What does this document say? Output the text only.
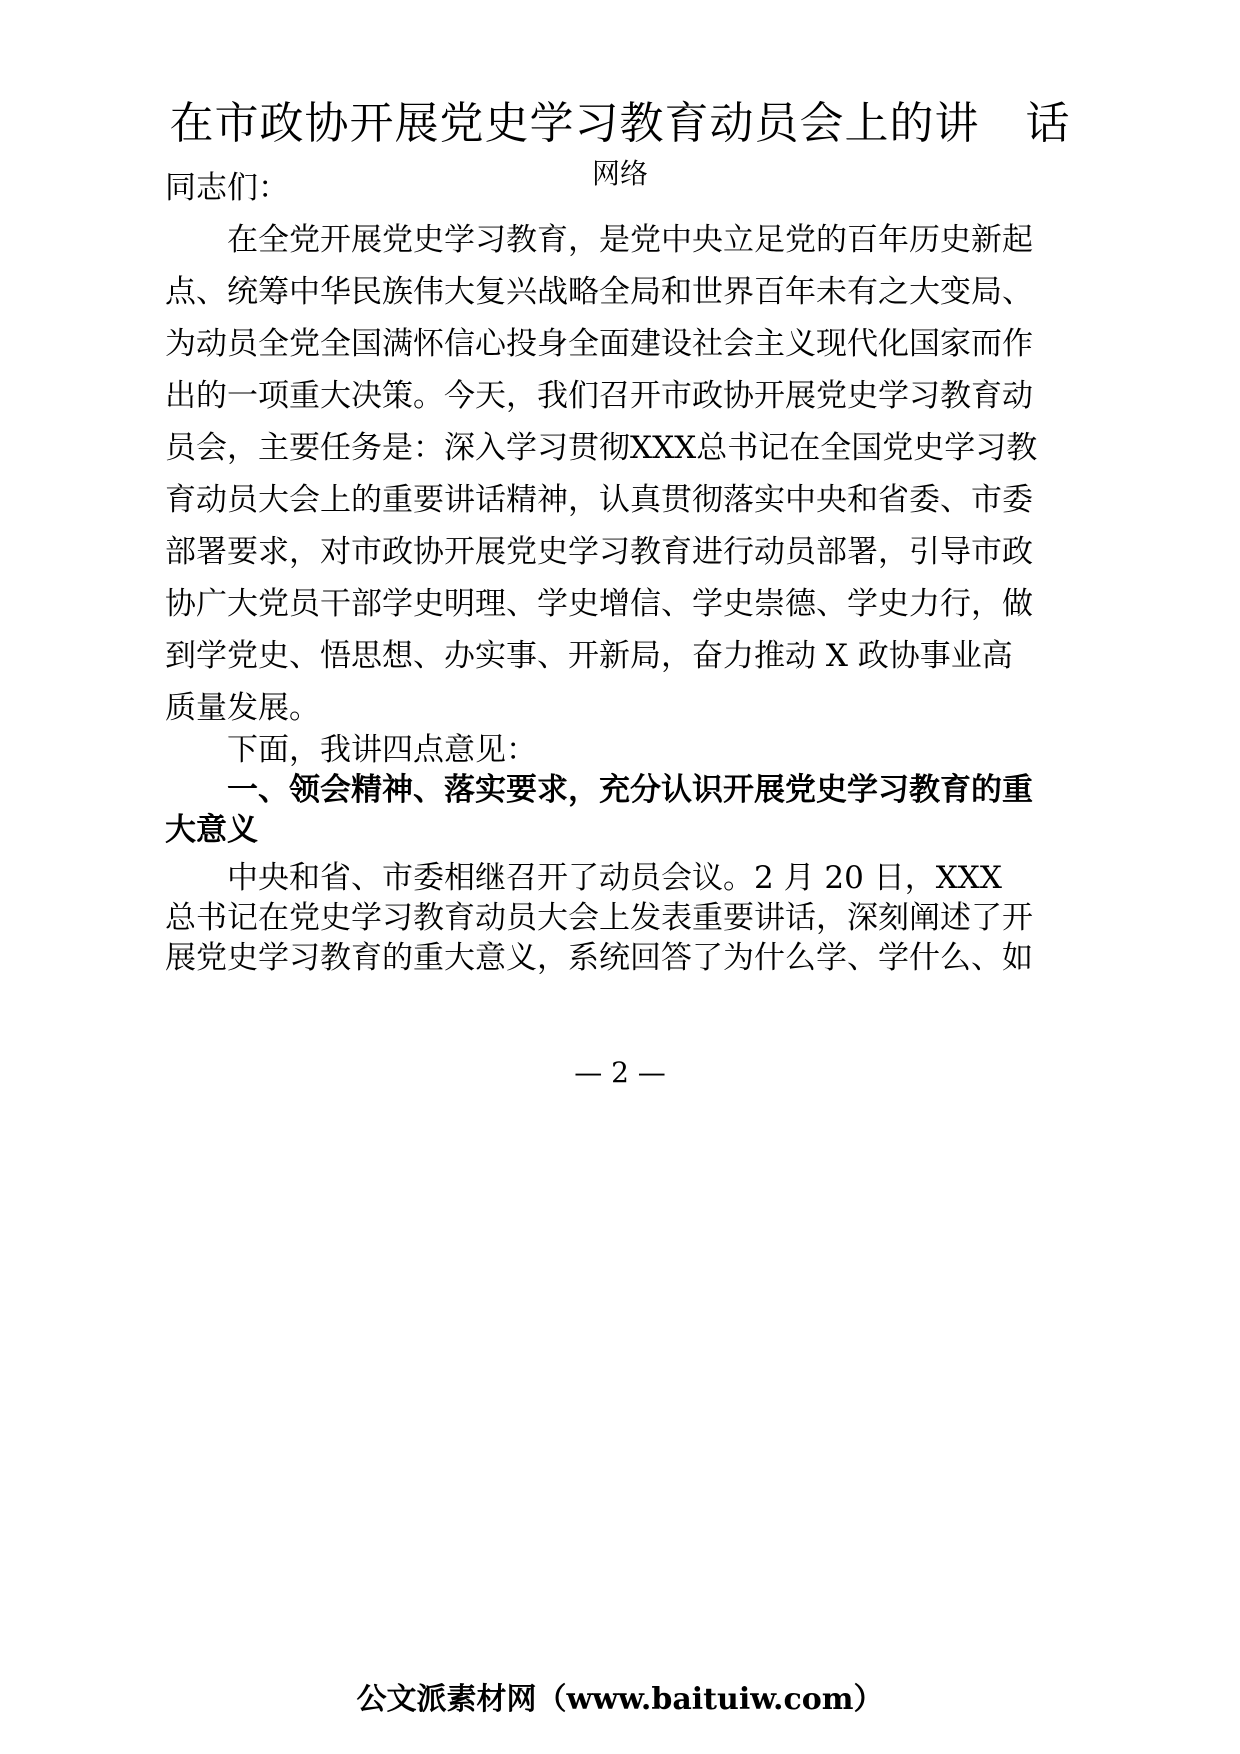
在市政协开展党史学习教育动员会上的讲 话
网络
同志们：
在全党开展党史学习教育，是党中央立足党的百年历史新起
点、统筹中华民族伟大复兴战略全局和世界百年未有之大变局、
为动员全党全国满怀信心投身全面建设社会主义现代化国家而作
出的一项重大决策。今天，我们召开市政协开展党史学习教育动
员会，主要任务是：深入学习贯彻XXX总书记在全国党史学习教
育动员大会上的重要讲话精神，认真贯彻落实中央和省委、市委
部署要求，对市政协开展党史学习教育进行动员部署，引导市政
协广大党员干部学史明理、学史增信、学史崇德、学史力行，做
到学党史、悟思想、办实事、开新局，奋力推动 X 政协事业高
质量发展。
下面，我讲四点意见：
一、领会精神、落实要求，充分认识开展党史学习教育的重
大意义
中央和省、市委相继召开了动员会议。2 月 20 日，XXX
总书记在党史学习教育动员大会上发表重要讲话，深刻阐述了开
展党史学习教育的重大意义，系统回答了为什么学、学什么、如
— 2 —
公文派素材网（www.baituiw.com）
